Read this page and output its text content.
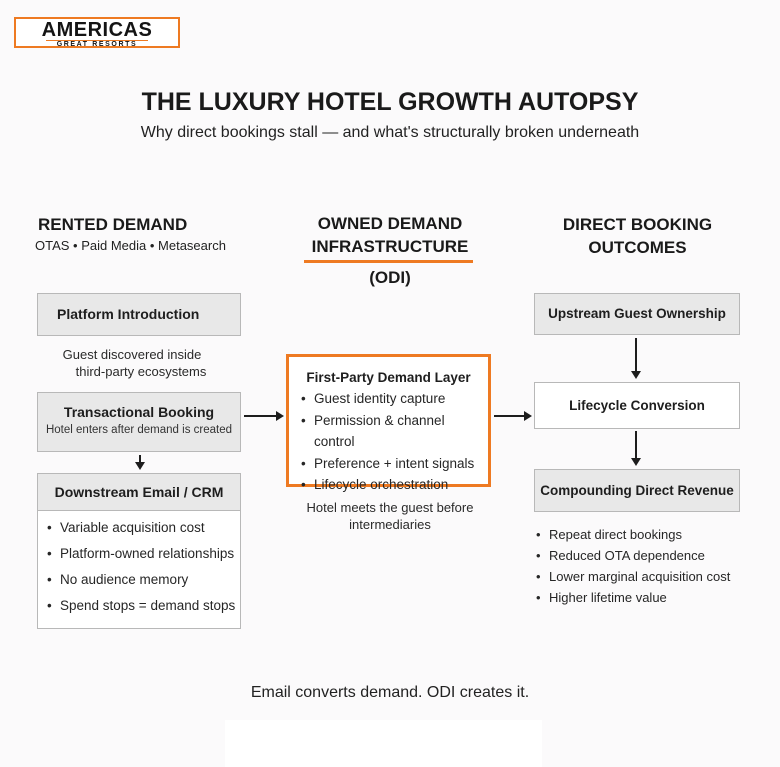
AMERICAS
GREAT RESORTS
THE LUXURY HOTEL GROWTH AUTOPSY
Why direct bookings stall — and what's structurally broken underneath
RENTED DEMAND
OTAS • Paid Media • Metasearch
Platform Introduction
Guest discovered inside
third-party ecosystems
Transactional Booking
Hotel enters after demand is created
Downstream Email / CRM
• Variable acquisition cost
• Platform-owned relationships
• No audience memory
• Spend stops = demand stops
OWNED DEMAND
INFRASTRUCTURE
(ODI)
First-Party Demand Layer
• Guest identity capture
• Permission & channel control
• Preference + intent signals
• Lifecycle orchestration
Hotel meets the guest before
intermediaries
DIRECT BOOKING
OUTCOMES
Upstream Guest Ownership
Lifecycle Conversion
Compounding Direct Revenue
• Repeat direct bookings
• Reduced OTA dependence
• Lower marginal acquisition cost
• Higher lifetime value
Email converts demand. ODI creates it.
